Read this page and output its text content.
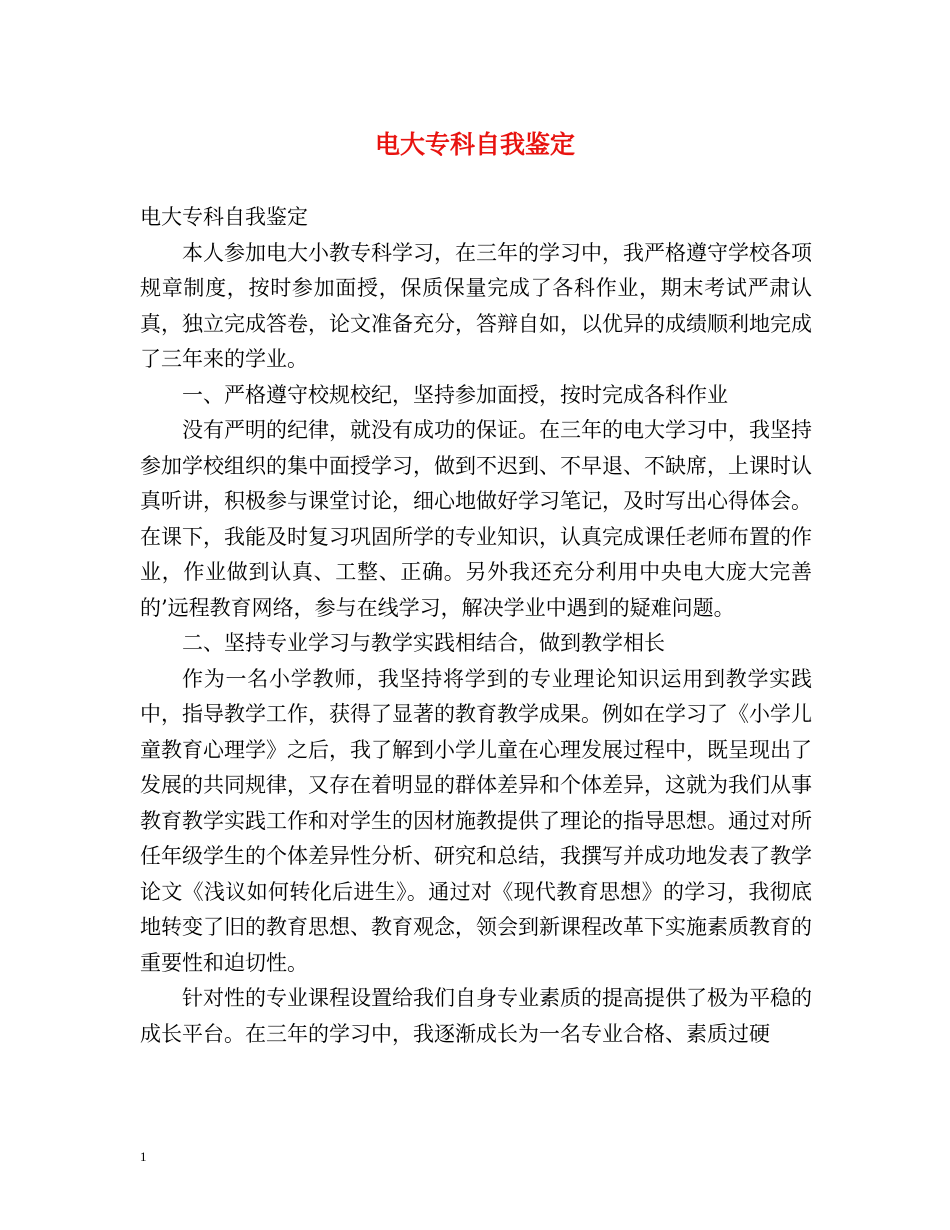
电大专科自我鉴定

电大专科自我鉴定

本人参加电大小教专科学习，在三年的学习中，我严格遵守学校各项规章制度，按时参加面授，保质保量完成了各科作业，期末考试严肃认真，独立完成答卷，论文准备充分，答辩自如，以优异的成绩顺利地完成了三年来的学业。

一、严格遵守校规校纪，坚持参加面授，按时完成各科作业

没有严明的纪律，就没有成功的保证。在三年的电大学习中，我坚持参加学校组织的集中面授学习，做到不迟到、不早退、不缺席，上课时认真听讲，积极参与课堂讨论，细心地做好学习笔记，及时写出心得体会。在课下，我能及时复习巩固所学的专业知识，认真完成课任老师布置的作业，作业做到认真、工整、正确。另外我还充分利用中央电大庞大完善的’远程教育网络，参与在线学习，解决学业中遇到的疑难问题。

二、坚持专业学习与教学实践相结合，做到教学相长

作为一名小学教师，我坚持将学到的专业理论知识运用到教学实践中，指导教学工作，获得了显著的教育教学成果。例如在学习了《小学儿童教育心理学》之后，我了解到小学儿童在心理发展过程中，既呈现出了发展的共同规律，又存在着明显的群体差异和个体差异，这就为我们从事教育教学实践工作和对学生的因材施教提供了理论的指导思想。通过对所任年级学生的个体差异性分析、研究和总结，我撰写并成功地发表了教学论文《浅议如何转化后进生》。通过对《现代教育思想》的学习，我彻底地转变了旧的教育思想、教育观念，领会到新课程改革下实施素质教育的重要性和迫切性。

针对性的专业课程设置给我们自身专业素质的提高提供了极为平稳的成长平台。在三年的学习中，我逐渐成长为一名专业合格、素质过硬

1
